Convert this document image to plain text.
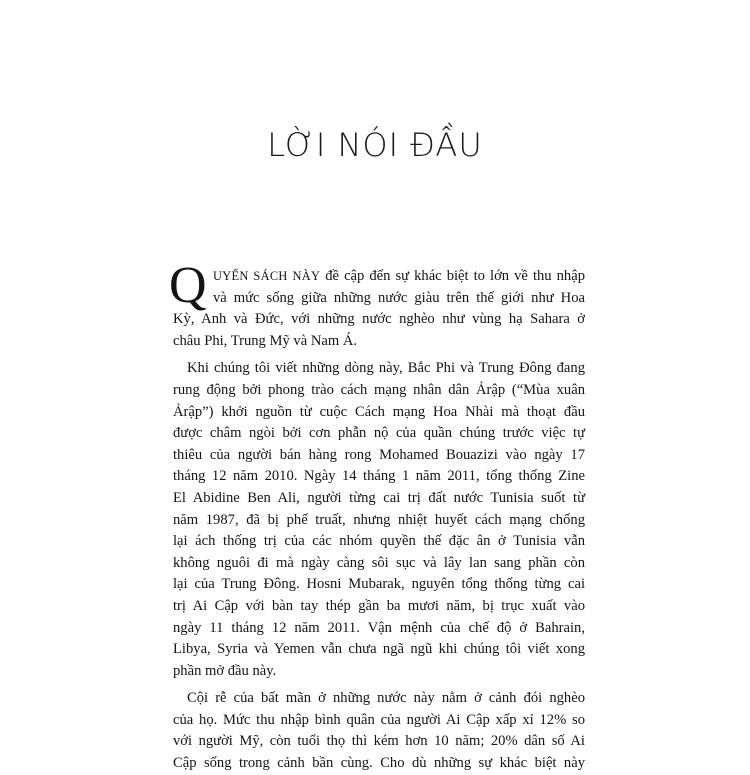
LỜI NÓI ĐẦU
Q UYỂN SÁCH NÀY đề cập đến sự khác biệt to lớn về thu nhập
và mức sống giữa những nước giàu trên thế giới như Hoa
Kỳ, Anh và Đức, với những nước nghèo như vùng hạ Sahara ở
châu Phi, Trung Mỹ và Nam Á.
Khi chúng tôi viết những dòng này, Bắc Phi và Trung Đông đang
rung động bởi phong trào cách mạng nhân dân Ảrập (“Mùa xuân
Ảrập”) khởi nguồn từ cuộc Cách mạng Hoa Nhài mà thoạt đầu
được châm ngòi bởi cơn phẫn nộ của quần chúng trước việc tự
thiêu của người bán hàng rong Mohamed Bouazizi vào ngày 17
tháng 12 năm 2010. Ngày 14 tháng 1 năm 2011, tổng thống Zine
El Abidine Ben Ali, người từng cai trị đất nước Tunisia suốt từ
năm 1987, đã bị phế truất, nhưng nhiệt huyết cách mạng chống
lại ách thống trị của các nhóm quyền thế đặc ân ở Tunisia vẫn
không nguôi đi mà ngày càng sôi sục và lây lan sang phần còn
lại của Trung Đông. Hosni Mubarak, nguyên tổng thống từng cai
trị Ai Cập với bàn tay thép gần ba mươi năm, bị trục xuất vào
ngày 11 tháng 12 năm 2011. Vận mệnh của chế độ ở Bahrain,
Libya, Syria và Yemen vẫn chưa ngã ngũ khi chúng tôi viết xong
phần mở đầu này.
Cội rễ của bất mãn ở những nước này nằm ở cảnh đói nghèo
của họ. Mức thu nhập bình quân của người Ai Cập xấp xỉ 12% so
với người Mỹ, còn tuổi thọ thì kém hơn 10 năm; 20% dân số Ai
Cập sống trong cảnh bần cùng. Cho dù những sự khác biệt này
